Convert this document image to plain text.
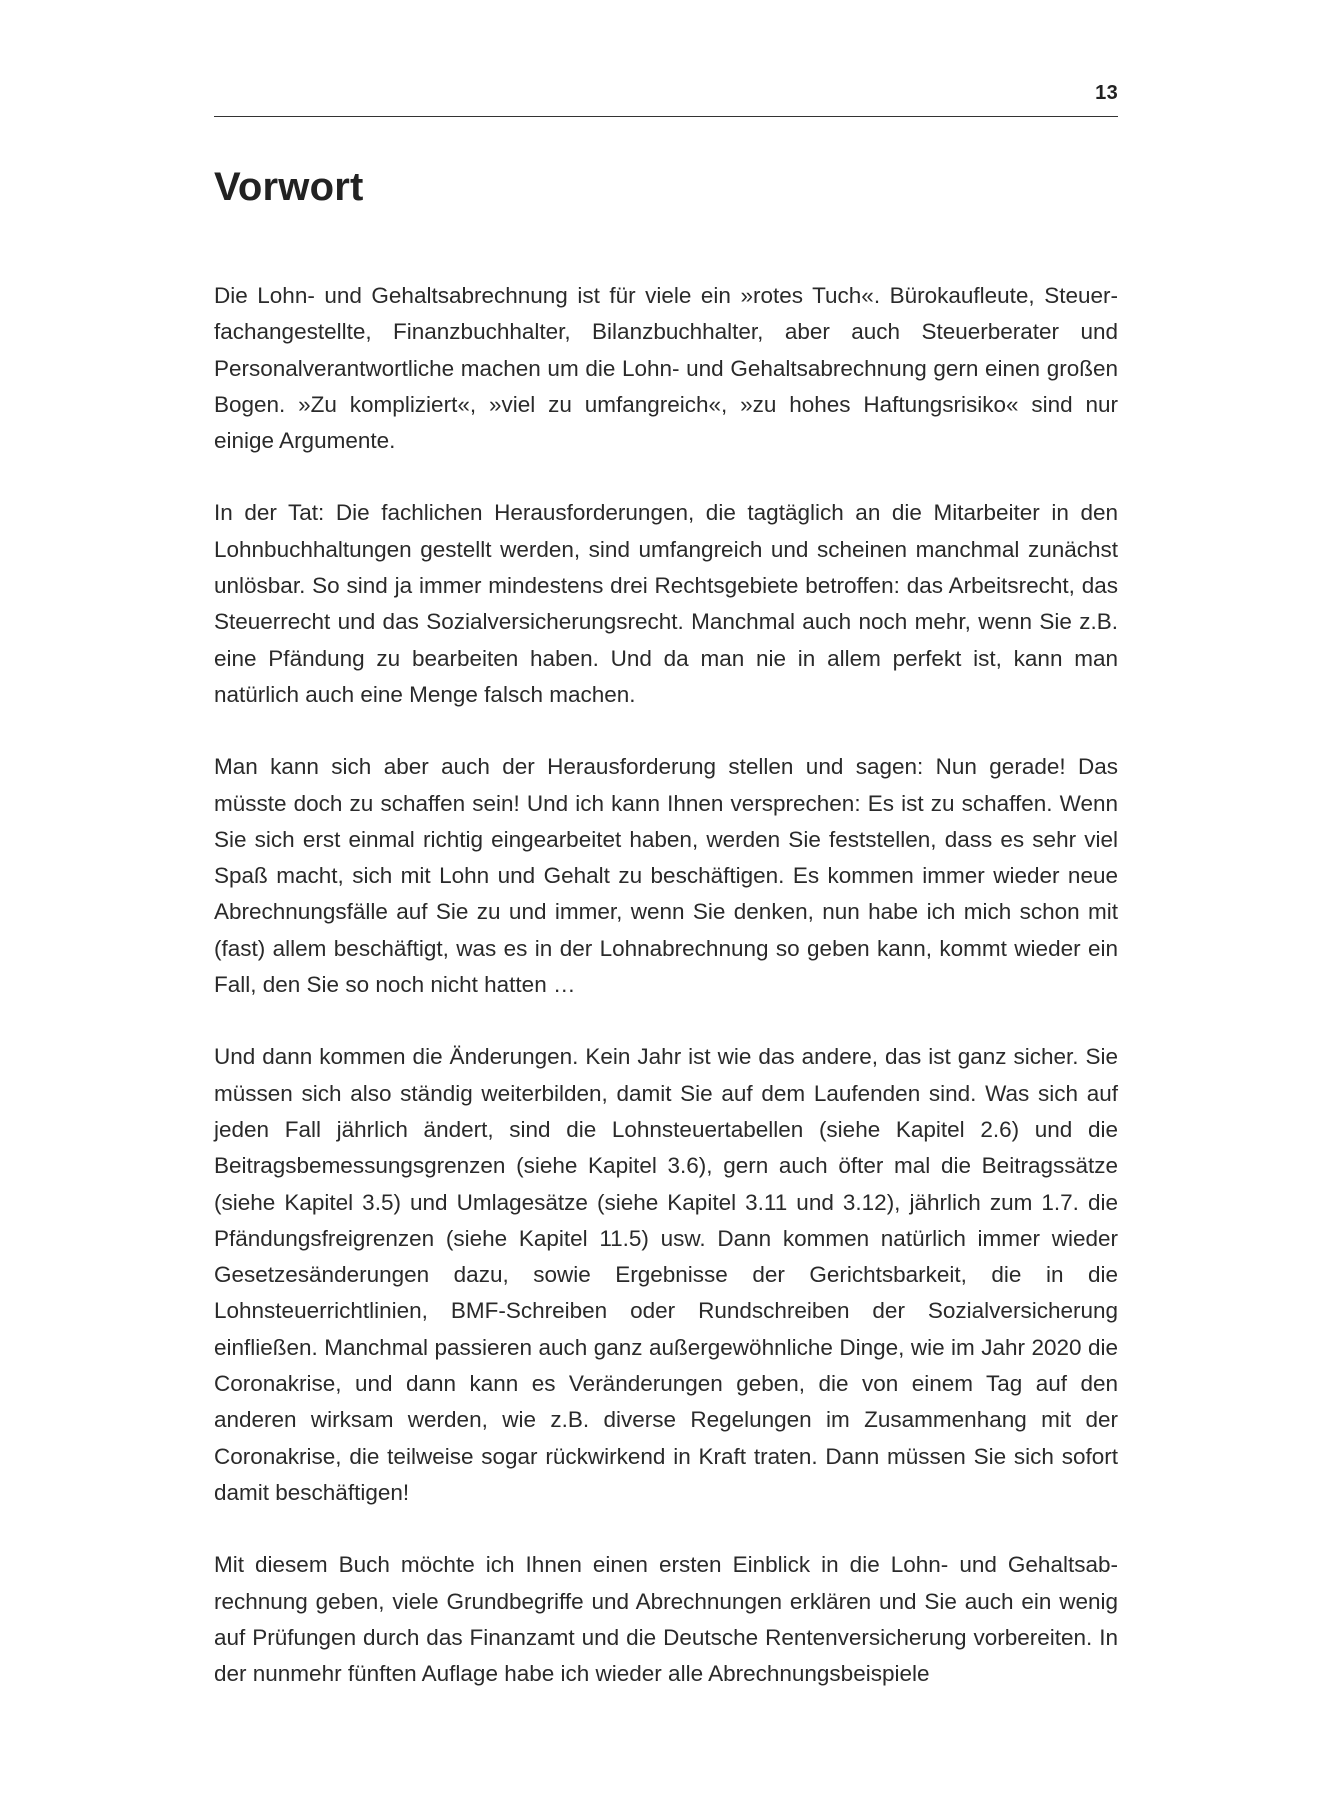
13
Vorwort

Die Lohn- und Gehaltsabrechnung ist für viele ein »rotes Tuch«. Bürokaufleute, Steuerfachangestellte, Finanzbuchhalter, Bilanzbuchhalter, aber auch Steuerberater und Personalverantwortliche machen um die Lohn- und Gehaltsabrechnung gern einen großen Bogen. »Zu kompliziert«, »viel zu umfangreich«, »zu hohes Haftungsrisiko« sind nur einige Argumente.

In der Tat: Die fachlichen Herausforderungen, die tagtäglich an die Mitarbeiter in den Lohnbuchhaltungen gestellt werden, sind umfangreich und scheinen manchmal zunächst unlösbar. So sind ja immer mindestens drei Rechtsgebiete betroffen: das Arbeitsrecht, das Steuerrecht und das Sozialversicherungsrecht. Manchmal auch noch mehr, wenn Sie z.B. eine Pfändung zu bearbeiten haben. Und da man nie in allem perfekt ist, kann man natürlich auch eine Menge falsch machen.

Man kann sich aber auch der Herausforderung stellen und sagen: Nun gerade! Das müsste doch zu schaffen sein! Und ich kann Ihnen versprechen: Es ist zu schaffen. Wenn Sie sich erst einmal richtig eingearbeitet haben, werden Sie feststellen, dass es sehr viel Spaß macht, sich mit Lohn und Gehalt zu beschäftigen. Es kommen immer wieder neue Abrechnungsfälle auf Sie zu und immer, wenn Sie denken, nun habe ich mich schon mit (fast) allem beschäftigt, was es in der Lohnabrechnung so geben kann, kommt wieder ein Fall, den Sie so noch nicht hatten …

Und dann kommen die Änderungen. Kein Jahr ist wie das andere, das ist ganz sicher. Sie müssen sich also ständig weiterbilden, damit Sie auf dem Laufenden sind. Was sich auf jeden Fall jährlich ändert, sind die Lohnsteuertabellen (siehe Kapitel 2.6) und die Beitragsbemessungsgrenzen (siehe Kapitel 3.6), gern auch öfter mal die Beitragssätze (siehe Kapitel 3.5) und Umlagesätze (siehe Kapitel 3.11 und 3.12), jährlich zum 1.7. die Pfändungsfreigrenzen (siehe Kapitel 11.5) usw. Dann kommen natürlich immer wieder Gesetzesänderungen dazu, sowie Ergebnisse der Gerichtsbarkeit, die in die Lohnsteuerrichtlinien, BMF-Schreiben oder Rundschreiben der Sozialversicherung einfließen. Manchmal passieren auch ganz außergewöhnliche Dinge, wie im Jahr 2020 die Coronakrise, und dann kann es Veränderungen geben, die von einem Tag auf den anderen wirksam werden, wie z.B. diverse Regelungen im Zusammenhang mit der Coronakrise, die teilweise sogar rückwirkend in Kraft traten. Dann müssen Sie sich sofort damit beschäftigen!

Mit diesem Buch möchte ich Ihnen einen ersten Einblick in die Lohn- und Gehaltsabrechnung geben, viele Grundbegriffe und Abrechnungen erklären und Sie auch ein wenig auf Prüfungen durch das Finanzamt und die Deutsche Rentenversicherung vorbereiten. In der nunmehr fünften Auflage habe ich wieder alle Abrechnungsbeispiele
